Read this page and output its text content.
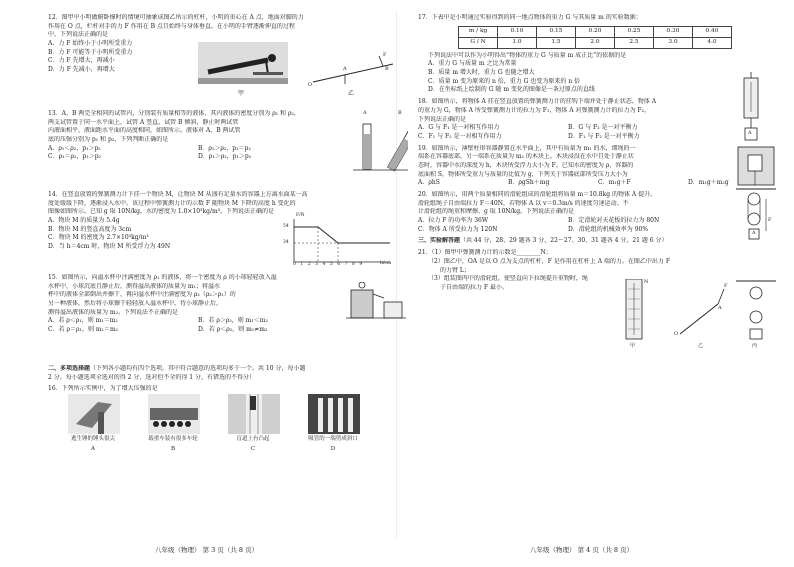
12．图甲中小明做俯卧撑时的情境可抽象成图乙所示的杠杆，小明的重心在 A 点，地面对脚的力
作用在 O 点，栏杆对手的力 F 作用在 B 点且始终与身体垂直。在小明的手臂逐渐伸直的过程
中，下列说法正确的是
A．力 F 始终小于小明所受重力
B．力 F 可能等于小明所受重力
C．力 F 先增大，再减小
D．力 F 先减小，再增大
甲
O
A	B
F
乙
13．A、B 两完全相同的试管内，分别装有质量相等的液体，其内液体的密度分别为 ρ₁ 和 ρ₂，
两支试管置于同一水平面上，试管 A 竖直，试管 B 倾斜，静止时两试管
内液面相平，液面距水平面的高度相同，如图所示。液体对 A、B 两试管
底的压强分别为 p₁ 和 p₂，下列判断正确的是
A．ρ₁＜ρ₂，p₁＞p₂	B．ρ₁＞ρ₂，p₁＝p₂
C．ρ₁＝ρ₂，p₁＞p₂	D．ρ₁＞ρ₂，p₁＞p₂
A	B
14．在竖直放置的弹簧测力计下挂一个物块 M，让物块 M 从盛有足量水的容器上方离水面某一高
度处缓缓下降，逐渐浸入水中。该过程中弹簧测力计的示数 F 随物块 M 下降的高度 h 变化的
图像如图所示。已知 g 取 10N/kg，水的密度为 1.0×10³kg/m³。下列说法正确的是
A．物块 M 的质量为 5.4g
B．物块 M 的竖直高度为 3cm
C．物块 M 的密度为 2.7×10³kg/m³
D．当 h＝4cm 时，物块 M 所受浮力为 49N
F/N
54
34
h/cm
0123456789
15．如图所示，向溢水杯中注满密度为 ρ₁ 的液体，将一个密度为 ρ 的小球轻轻放入溢
水杯中，小球沉底且静止后，测得溢出液体的质量为 m₁；将溢水
杯中的液体全部倒出并擦干，再向溢水杯中注满密度为 ρ₂（ρ₂＞ρ₁）的
另一种液体，然后将小球擦干轻轻放入溢水杯中，待小球静止后，
测得溢出液体的质量为 m₂。下列说法不正确的是
A．若 ρ＜ρ₁，则 m₁＝m₂	B．若 ρ＞ρ₂，则 m₁＜m₂
C．若 ρ＝ρ₁，则 m₁＝m₂	D．若 ρ＜ρ₂，则 m₁≠m₂
二、多项选择题（下列各小题均有四个选项，其中符合题意的选项均多于一个。共 10 分，每小题
2 分。每小题选项全选对的得 2 分，选对但不全的得 1 分，有错选的不得分）
16．下列所示实例中，为了增大压强的是
逃生锤的锤头很尖
A
载重车装有很多车轮
B
盲道上有凸起
C
吸管的一端剪成斜口
D
八年级（物理） 第 3 页（共 8 页）
17．下表中是小明通过实验得到的同一地点物体的重力 G 与其质量 m 的实验数据：
m / kg	0.10	0.15	0.20	0.25	0.30	0.40
G / N	1.0	1.5	2.0	2.5	3.0	4.0
下列说法中可以作为小明得出“物体的重力 G 与质量 m 成正比”的依据的是
A．重力 G 与质量 m 之比为常量
B．质量 m 增大时，重力 G 也随之增大
C．质量 m 变为原来的 n 倍，重力 G 也变为原来的 n 倍
D．在坐标纸上绘制的 G 随 m 变化的图像是一条过原点的直线
18．如图所示，将物体 A 挂在竖直放置的弹簧测力计的挂钩下端并处于静止状态。物体 A
的重力为 G，物体 A 所受弹簧测力计的拉力为 F₁，物体 A 对弹簧测力计的拉力为 F₂，
下列说法正确的是
A．G 与 F₁ 是一对相互作用力	B．G 与 F₂ 是一对平衡力
C．F₁ 与 F₂ 是一对相互作用力	D．F₁ 与 F₂ 是一对平衡力	A
19．如图所示，薄壁柱形容器静置在水平面上，其中有质量为 m₁ 的水，细绳的一
端系在容器底部，另一端系在质量为 m₂ 的木块上。木块浸没在水中且处于静止状
态时，容器中水的深度为 h，木块所受浮力大小为 F。已知水的密度为 ρ，容器的
底面积 S，物体所受重力与质量的比值为 g，下列关于容器底部所受压力大小为
A．ρhS	B．ρgSh＋mg	C．m₁g＋F	D．m₁g＋m₂g
20．如图所示，用两个质量相同的滑轮组成的滑轮组将质量 m＝10.8kg 的物体 A 提升。
滑轮组绳子自由端拉力 F＝40N，若物体 A 以 v＝0.3m/s 的速度匀速运动。不
计滑轮组的绳重和摩擦，g 取 10N/kg。下列说法正确的是
A．拉力 F 的功率为 36W	B．定滑轮对天花板的拉力为 80N
C．物体 A 所受拉力为 120N	D．滑轮组的机械效率为 90%
F
A
三、实验解答题（共 44 分，28、29 题各 3 分，22～27、30、31 题各 4 分，21 题 6 分）
21．（1）图甲中弹簧测力计的示数是________N；
（2）图乙中，OA 是以 O 点为支点的杠杆，F 是作用在杠杆上 A 端的力。在图乙中出力 F
的力臂 L；
（3）组装图丙中的滑轮组，使竖直向下拉绳提升重物时，绳
子自由端的拉力 F 最小。
甲	乙	丙
F
O
A
N
八年级（物理） 第 4 页（共 8 页）
